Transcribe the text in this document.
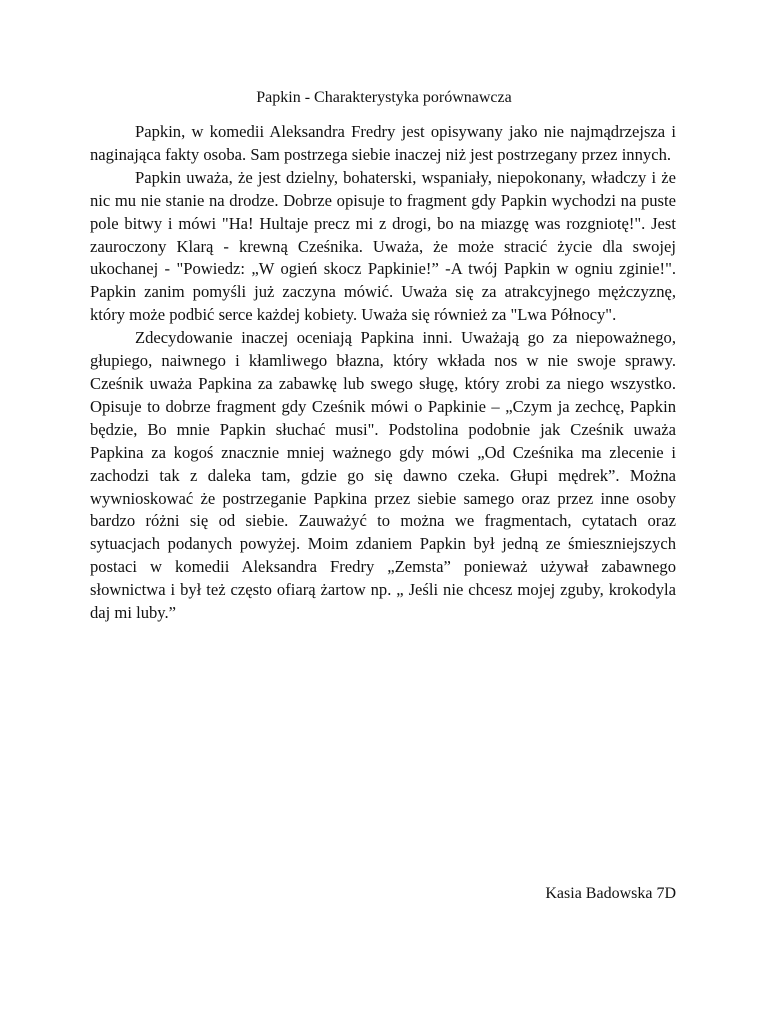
Papkin - Charakterystyka porównawcza

Papkin, w komedii Aleksandra Fredry jest opisywany jako nie najmądrzejsza i naginająca fakty osoba. Sam postrzega siebie inaczej niż jest postrzegany przez innych.

Papkin uważa, że jest dzielny, bohaterski, wspaniały, niepokonany, władczy i że nic mu nie stanie na drodze. Dobrze opisuje to fragment gdy Papkin wychodzi na puste pole bitwy i mówi "Ha! Hultaje precz mi z drogi, bo na miazgę was rozgniotę!". Jest zauroczony Klarą - krewną Cześnika. Uważa, że może stracić życie dla swojej ukochanej - "Powiedz: „W ogień skocz Papkinie!” -A twój Papkin w ogniu zginie!". Papkin zanim pomyśli już zaczyna mówić. Uważa się za atrakcyjnego mężczyznę, który może podbić serce każdej kobiety. Uważa się również za "Lwa Północy".

Zdecydowanie inaczej oceniają Papkina inni. Uważają go za niepoważnego, głupiego, naiwnego i kłamliwego błazna, który wkłada nos w nie swoje sprawy. Cześnik uważa Papkina za zabawkę lub swego sługę, który zrobi za niego wszystko. Opisuje to dobrze fragment gdy Cześnik mówi o Papkinie – „Czym ja zechcę, Papkin będzie, Bo mnie Papkin słuchać musi". Podstolina podobnie jak Cześnik uważa Papkina za kogoś znacznie mniej ważnego gdy mówi „Od Cześnika ma zlecenie i zachodzi tak z daleka tam, gdzie go się dawno czeka. Głupi mędrek”. Można wywnioskować że postrzeganie Papkina przez siebie samego oraz przez inne osoby bardzo różni się od siebie. Zauważyć to można we fragmentach, cytatach oraz sytuacjach podanych powyżej. Moim zdaniem Papkin był jedną ze śmieszniejszych postaci w komedii Aleksandra Fredry „Zemsta” ponieważ używał zabawnego słownictwa i był też często ofiarą żartow np. „ Jeśli nie chcesz mojej zguby, krokodyla daj mi luby.”

Kasia Badowska 7D
